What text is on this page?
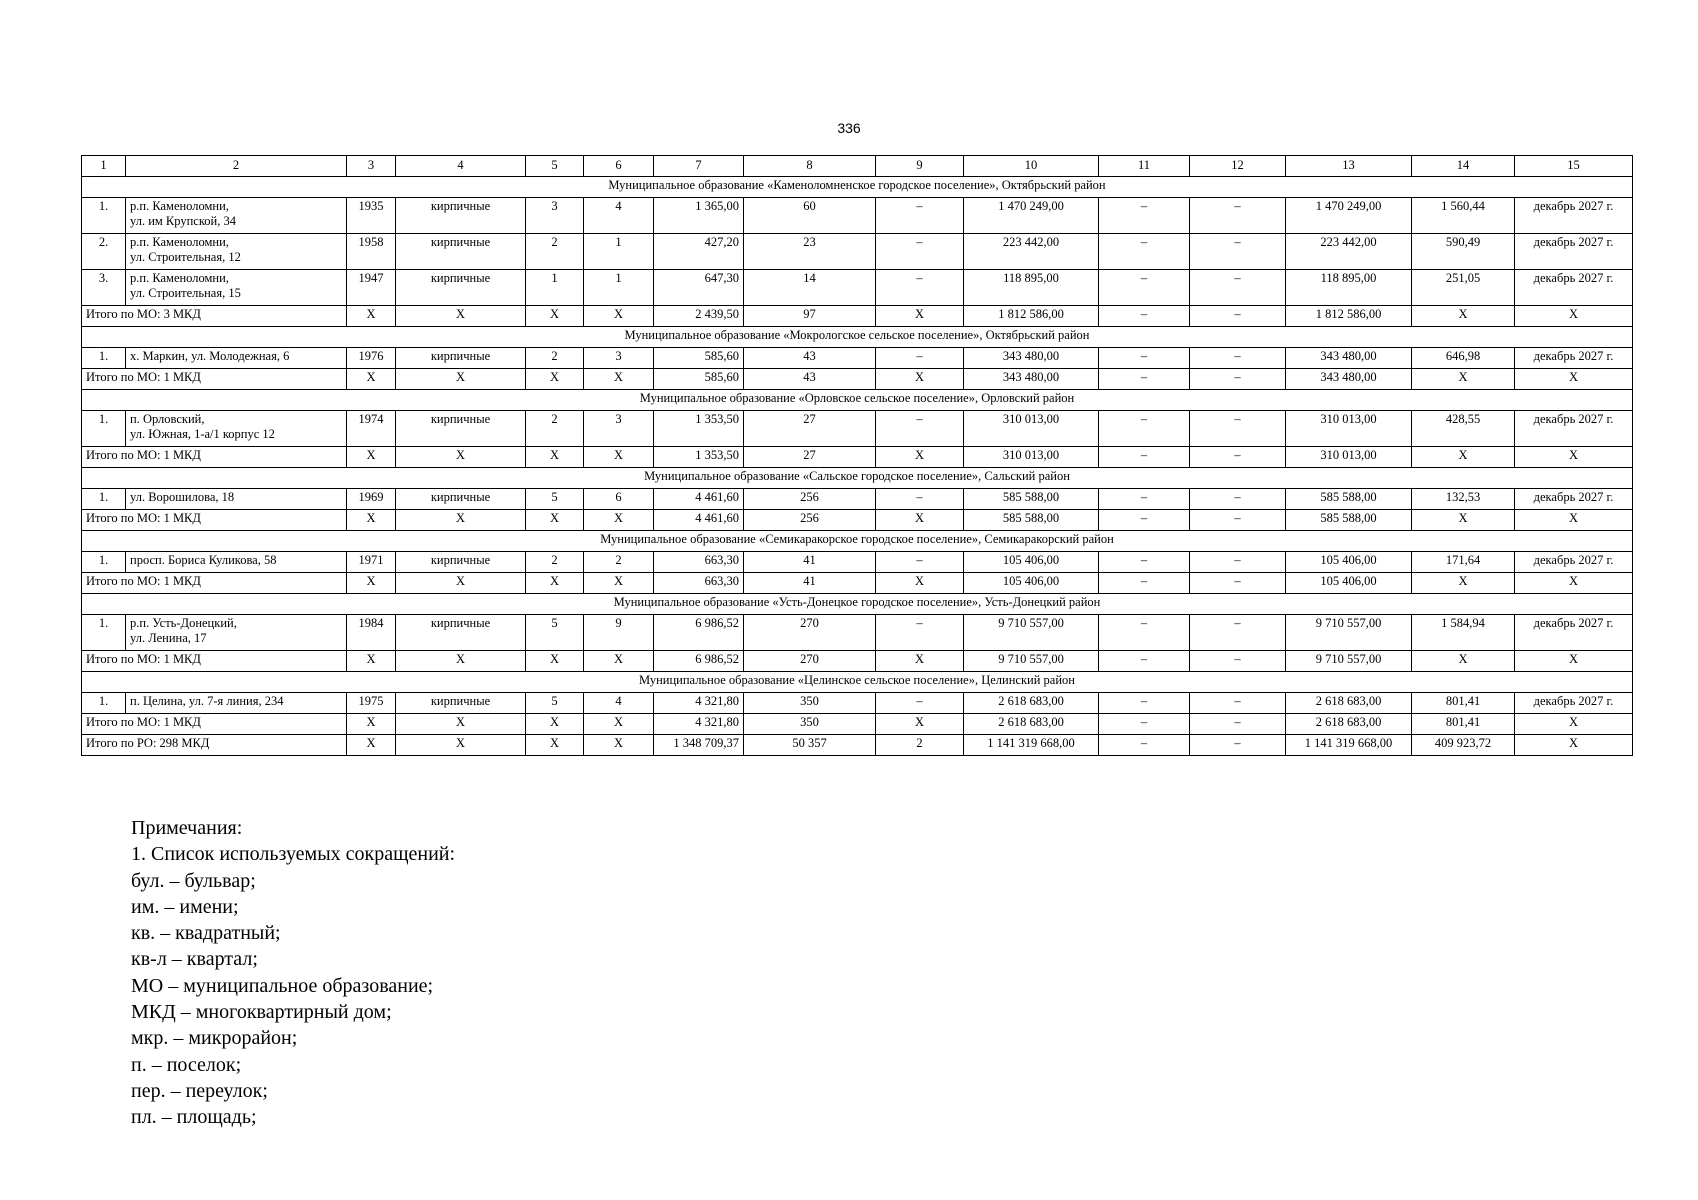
336
1	2	3	4	5	6	7	8	9	10	11	12	13	14	15
Муниципальное образование «Каменоломненское городское поселение», Октябрьский район														
1.	р.п. Каменоломни,
ул. им Крупской, 34	1935	кирпичные	3	4	1 365,00	60	–	1 470 249,00	–	–	1 470 249,00	1 560,44	декабрь 2027 г.
2.	р.п. Каменоломни,
ул. Строительная, 12	1958	кирпичные	2	1	427,20	23	–	223 442,00	–	–	223 442,00	590,49	декабрь 2027 г.
3.	р.п. Каменоломни,
ул. Строительная, 15	1947	кирпичные	1	1	647,30	14	–	118 895,00	–	–	118 895,00	251,05	декабрь 2027 г.
Итого по МО: 3 МКД		X	X	X	X	2 439,50	97	X	1 812 586,00	–	–	1 812 586,00	X	X
Муниципальное образование «Мокрологское сельское поселение», Октябрьский район														
1.	х. Маркин, ул. Молодежная, 6	1976	кирпичные	2	3	585,60	43	–	343 480,00	–	–	343 480,00	646,98	декабрь 2027 г.
Итого по МО: 1 МКД		X	X	X	X	585,60	43	X	343 480,00	–	–	343 480,00	X	X
Муниципальное образование «Орловское сельское поселение», Орловский район														
1.	п. Орловский,
ул. Южная, 1-а/1 корпус 12	1974	кирпичные	2	3	1 353,50	27	–	310 013,00	–	–	310 013,00	428,55	декабрь 2027 г.
Итого по МО: 1 МКД		X	X	X	X	1 353,50	27	X	310 013,00	–	–	310 013,00	X	X
Муниципальное образование «Сальское городское поселение», Сальский район														
1.	ул. Ворошилова, 18	1969	кирпичные	5	6	4 461,60	256	–	585 588,00	–	–	585 588,00	132,53	декабрь 2027 г.
Итого по МО: 1 МКД		X	X	X	X	4 461,60	256	X	585 588,00	–	–	585 588,00	X	X
Муниципальное образование «Семикаракорское городское поселение», Семикаракорский район														
1.	просп. Бориса Куликова, 58	1971	кирпичные	2	2	663,30	41	–	105 406,00	–	–	105 406,00	171,64	декабрь 2027 г.
Итого по МО: 1 МКД		X	X	X	X	663,30	41	X	105 406,00	–	–	105 406,00	X	X
Муниципальное образование «Усть-Донецкое городское поселение», Усть-Донецкий район														
1.	р.п. Усть-Донецкий,
ул. Ленина, 17	1984	кирпичные	5	9	6 986,52	270	–	9 710 557,00	–	–	9 710 557,00	1 584,94	декабрь 2027 г.
Итого по МО: 1 МКД		X	X	X	X	6 986,52	270	X	9 710 557,00	–	–	9 710 557,00	X	X
Муниципальное образование «Целинское сельское поселение», Целинский район														
1.	п. Целина, ул. 7-я линия, 234	1975	кирпичные	5	4	4 321,80	350	–	2 618 683,00	–	–	2 618 683,00	801,41	декабрь 2027 г.
Итого по МО: 1 МКД		X	X	X	X	4 321,80	350	X	2 618 683,00	–	–	2 618 683,00	801,41	X
Итого по РО: 298 МКД		X	X	X	X	1 348 709,37	50 357	2	1 141 319 668,00	–	–	1 141 319 668,00	409 923,72	X
Примечания:
1. Список используемых сокращений:
бул. – бульвар;
им. – имени;
кв. – квадратный;
кв-л – квартал;
МО – муниципальное образование;
МКД – многоквартирный дом;
мкр. – микрорайон;
п. – поселок;
пер. – переулок;
пл. – площадь;
